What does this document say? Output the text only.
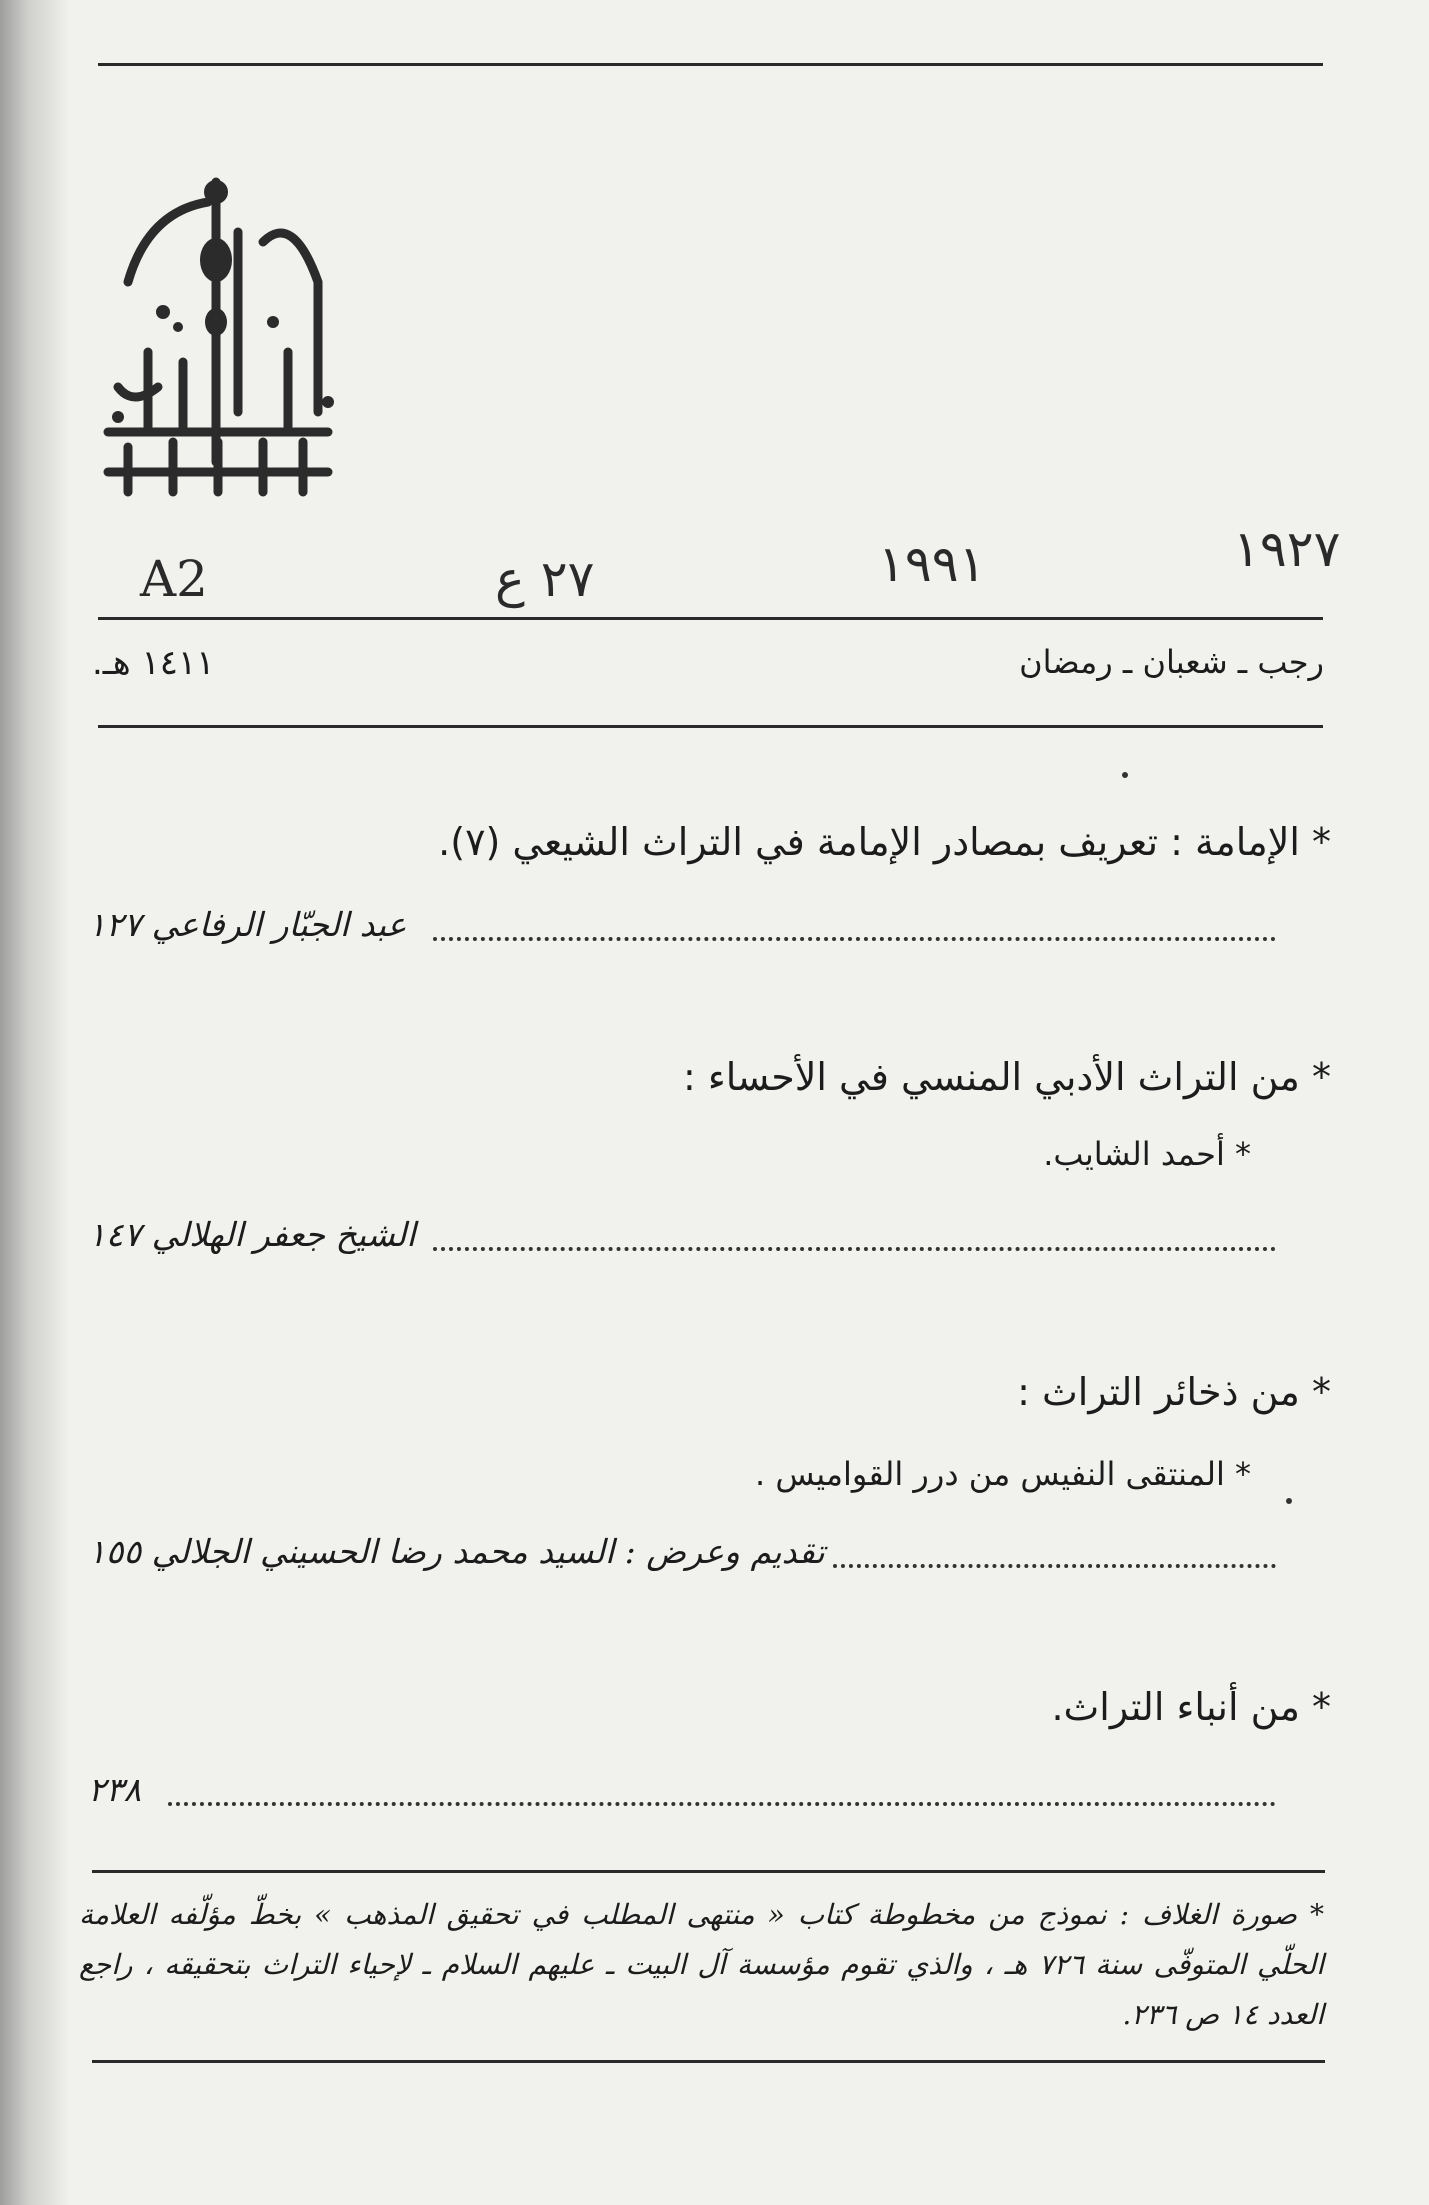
A2	٢٧ ع	١٩٩١	١٩٢٧
رجب ـ شعبان ـ رمضان
١٤١١ هـ.
* الإمامة : تعريف بمصادر الإمامة في التراث الشيعي (٧).
عبد الجبّار الرفاعي ١٢٧
* من التراث الأدبي المنسي في الأحساء :
* أحمد الشايب.
الشيخ جعفر الهلالي ١٤٧
* من ذخائر التراث :
* المنتقى النفيس من درر القواميس .
تقديم وعرض : السيد محمد رضا الحسيني الجلالي ١٥٥
* من أنباء التراث.
٢٣٨
* صورة الغلاف : نموذج من مخطوطة كتاب « منتهى المطلب في تحقيق المذهب » بخطّ مؤلّفه العلامة الحلّي المتوفّى سنة ٧٢٦ هـ ، والذي تقوم مؤسسة آل البيت ـ عليهم السلام ـ لإحياء التراث بتحقيقه ، راجع العدد ١٤ ص ٢٣٦.
